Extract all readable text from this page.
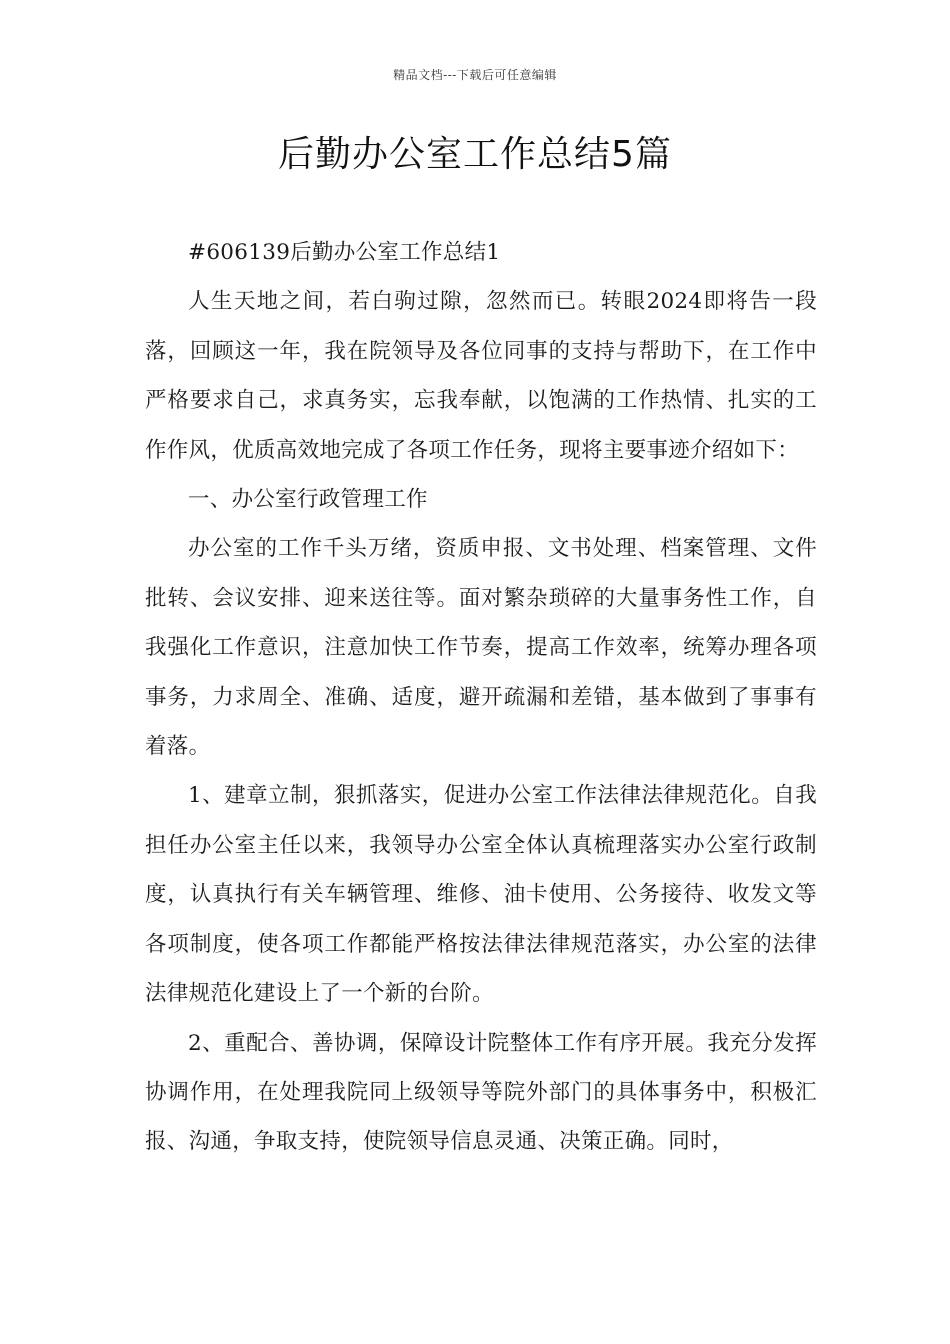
精品文档---下载后可任意编辑
后勤办公室工作总结5篇

#606139后勤办公室工作总结1

人生天地之间，若白驹过隙，忽然而已。转眼2024即将告一段落，回顾这一年，我在院领导及各位同事的支持与帮助下，在工作中严格要求自己，求真务实，忘我奉献，以饱满的工作热情、扎实的工作作风，优质高效地完成了各项工作任务，现将主要事迹介绍如下：

一、办公室行政管理工作

办公室的工作千头万绪，资质申报、文书处理、档案管理、文件批转、会议安排、迎来送往等。面对繁杂琐碎的大量事务性工作，自我强化工作意识，注意加快工作节奏，提高工作效率，统筹办理各项事务，力求周全、准确、适度，避开疏漏和差错，基本做到了事事有着落。

1、建章立制，狠抓落实，促进办公室工作法律法律规范化。自我担任办公室主任以来，我领导办公室全体认真梳理落实办公室行政制度，认真执行有关车辆管理、维修、油卡使用、公务接待、收发文等各项制度，使各项工作都能严格按法律法律规范落实，办公室的法律法律规范化建设上了一个新的台阶。

2、重配合、善协调，保障设计院整体工作有序开展。我充分发挥协调作用，在处理我院同上级领导等院外部门的具体事务中，积极汇报、沟通，争取支持，使院领导信息灵通、决策正确。同时，
